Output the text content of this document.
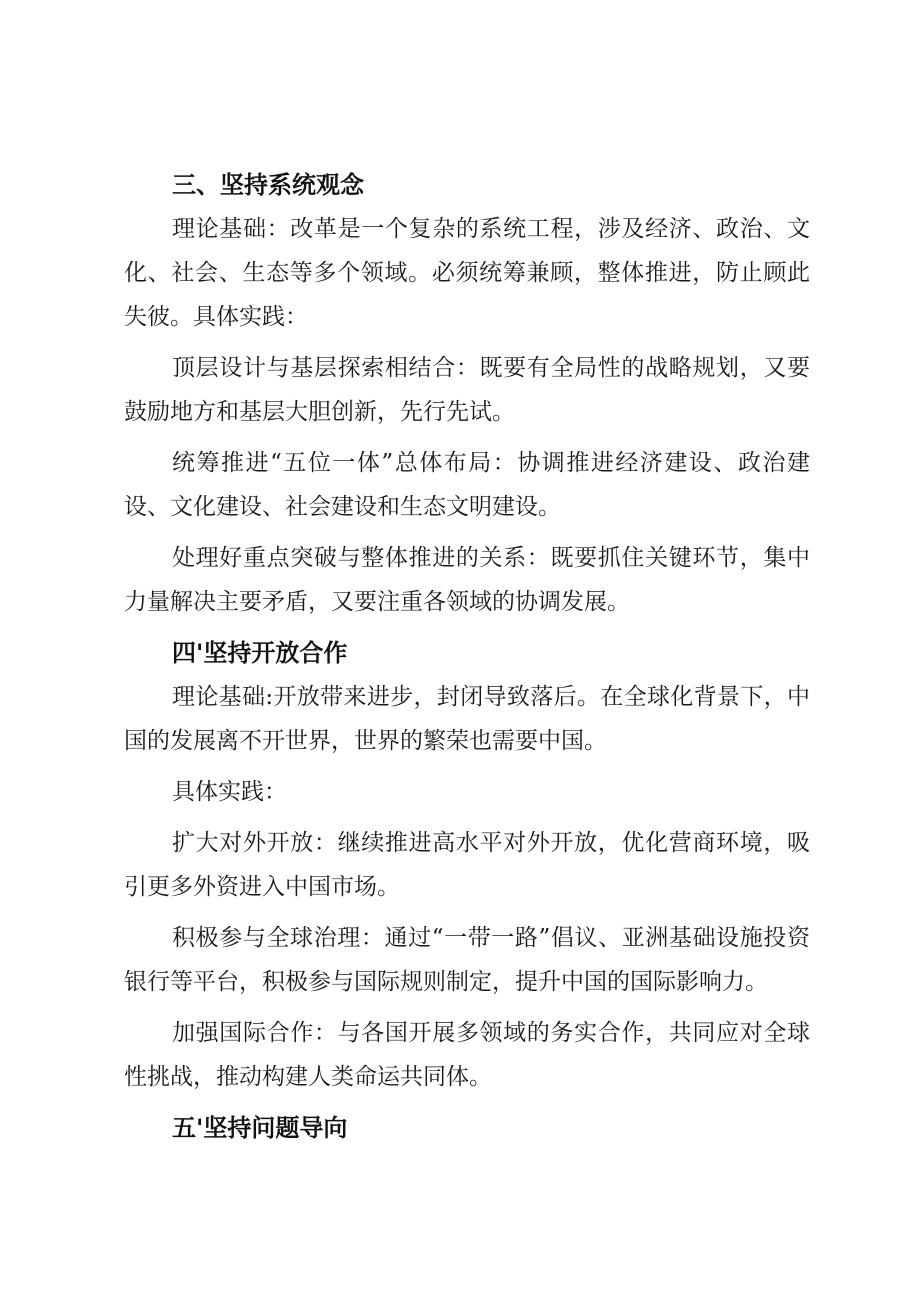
三、坚持系统观念

理论基础：改革是一个复杂的系统工程，涉及经济、政治、文化、社会、生态等多个领域。必须统筹兼顾，整体推进，防止顾此失彼。具体实践：

顶层设计与基层探索相结合：既要有全局性的战略规划，又要鼓励地方和基层大胆创新，先行先试。

统筹推进“五位一体”总体布局：协调推进经济建设、政治建设、文化建设、社会建设和生态文明建设。

处理好重点突破与整体推进的关系：既要抓住关键环节，集中力量解决主要矛盾，又要注重各领域的协调发展。

四'坚持开放合作

理论基础:开放带来进步，封闭导致落后。在全球化背景下，中国的发展离不开世界，世界的繁荣也需要中国。

具体实践：

扩大对外开放：继续推进高水平对外开放，优化营商环境，吸引更多外资进入中国市场。

积极参与全球治理：通过“一带一路”倡议、亚洲基础设施投资银行等平台，积极参与国际规则制定，提升中国的国际影响力。

加强国际合作：与各国开展多领域的务实合作，共同应对全球性挑战，推动构建人类命运共同体。

五'坚持问题导向
